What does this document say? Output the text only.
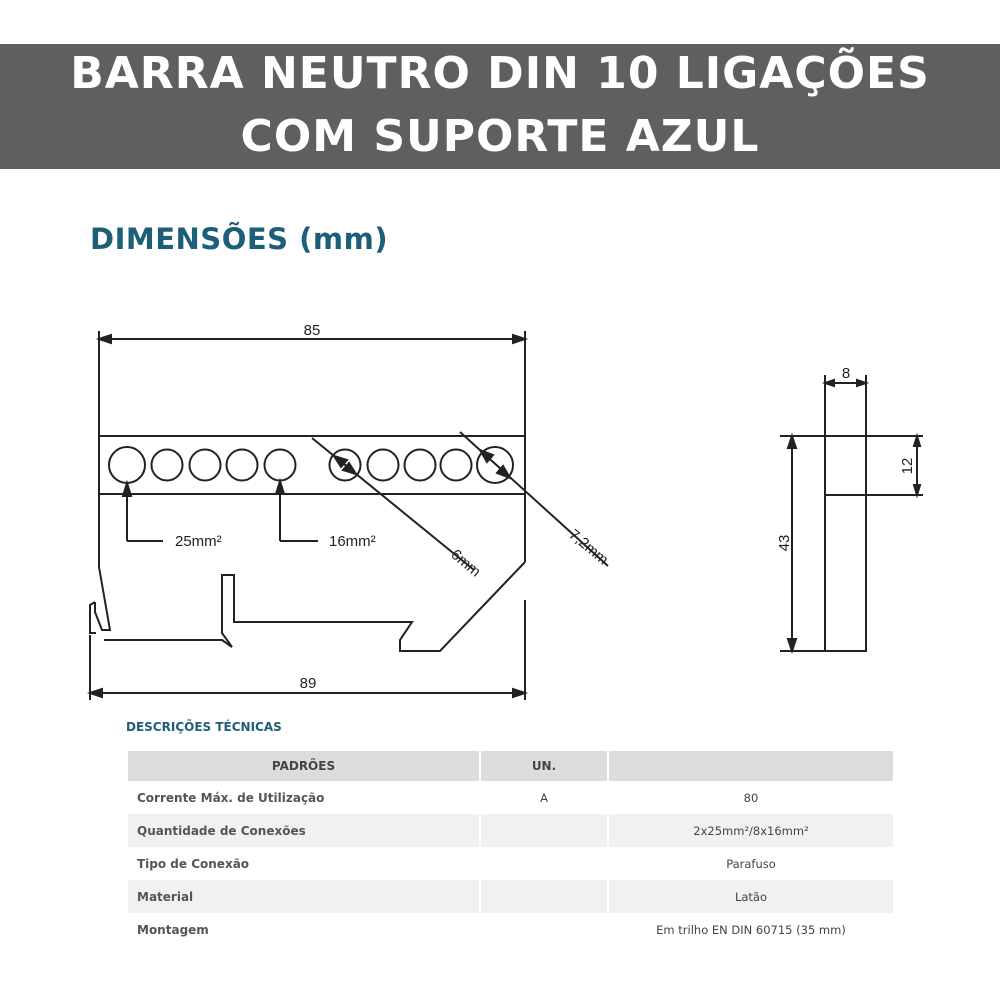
BARRA NEUTRO DIN 10 LIGAÇÕES
COM SUPORTE AZUL
DIMENSÕES (mm)
85
25mm²	16mm²
6mm	7,2mm
89
8
12
43
DESCRIÇÕES TÉCNICAS
PADRÕES	UN.	
Corrente Máx. de Utilização	A	80
Quantidade de Conexões		2x25mm²/8x16mm²
Tipo de Conexão		Parafuso
Material		Latão
Montagem		Em trilho EN DIN 60715 (35 mm)
